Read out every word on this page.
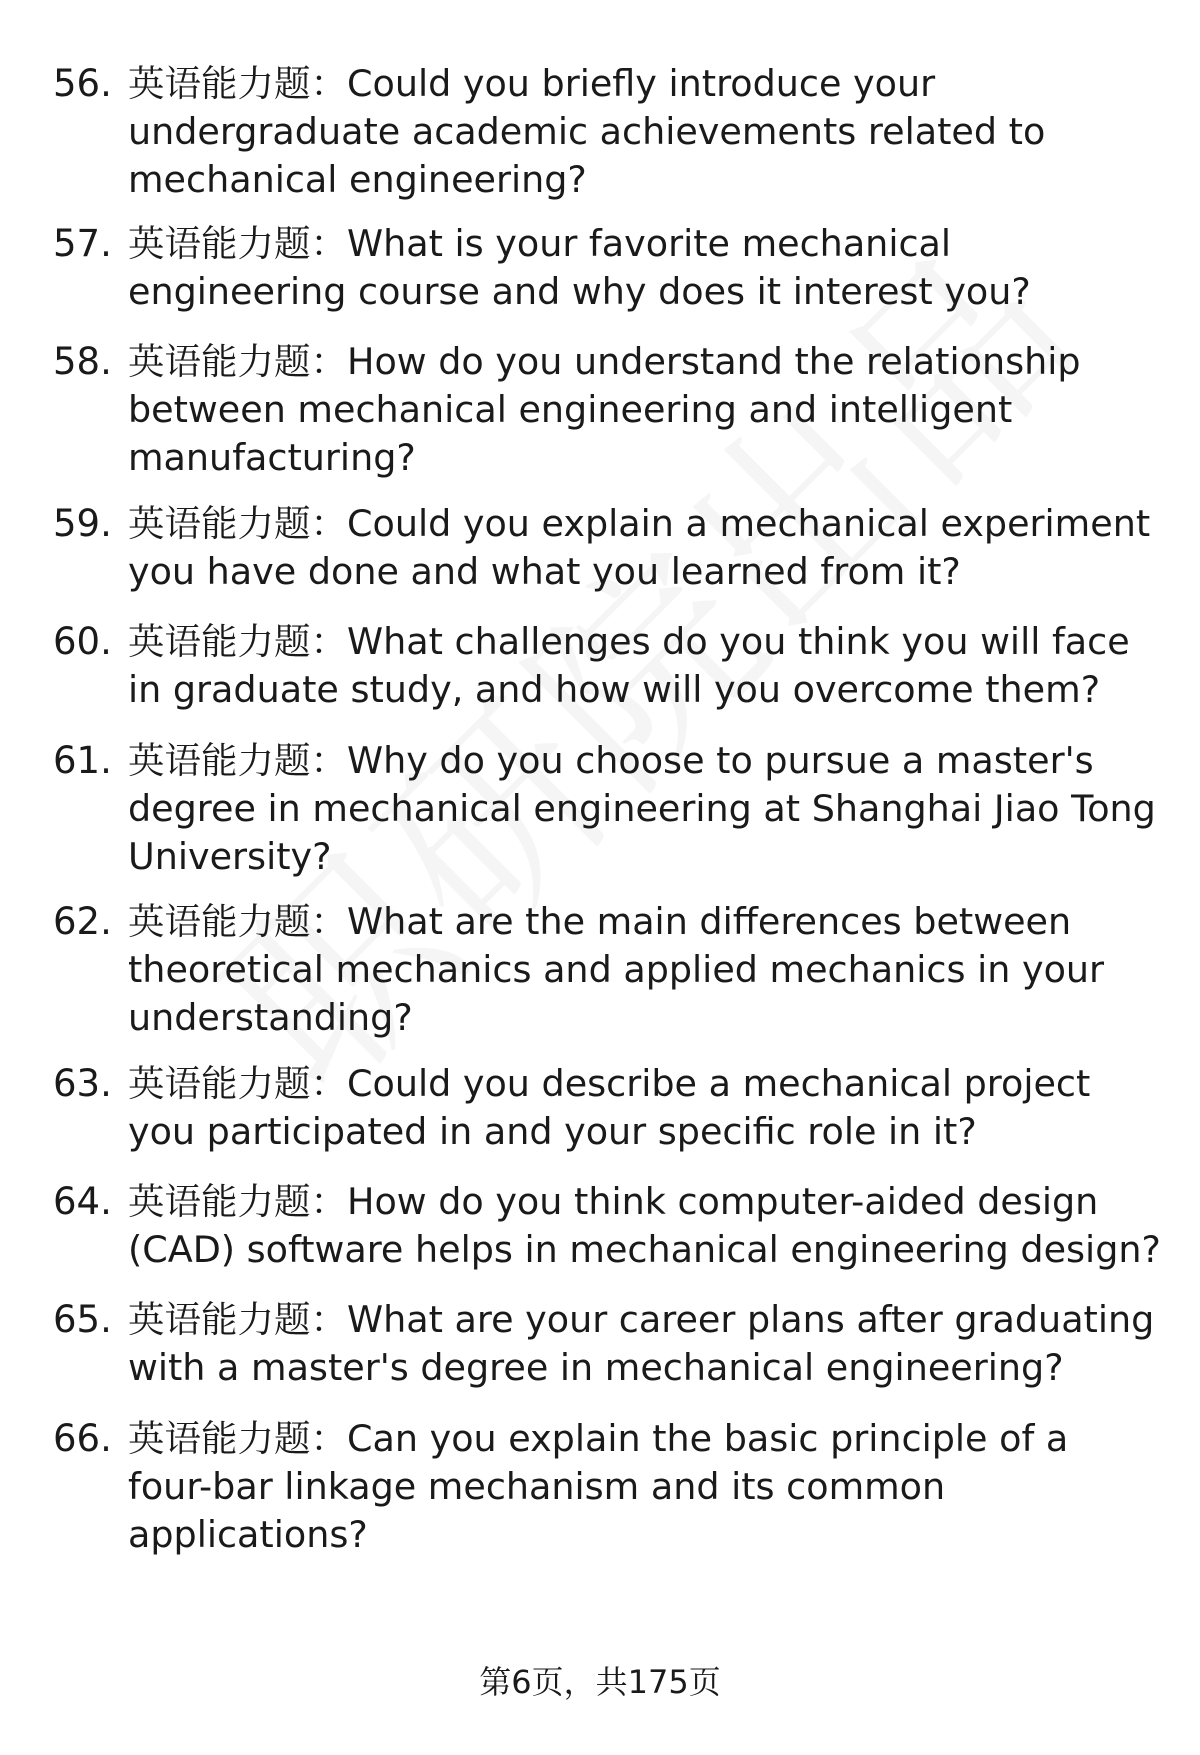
56. 英语能力题：Could you briefly introduce your undergraduate academic achievements related to mechanical engineering?
57. 英语能力题：What is your favorite mechanical engineering course and why does it interest you?
58. 英语能力题：How do you understand the relationship between mechanical engineering and intelligent manufacturing?
59. 英语能力题：Could you explain a mechanical experiment you have done and what you learned from it?
60. 英语能力题：What challenges do you think you will face in graduate study, and how will you overcome them?
61. 英语能力题：Why do you choose to pursue a master's degree in mechanical engineering at Shanghai Jiao Tong University?
62. 英语能力题：What are the main differences between theoretical mechanics and applied mechanics in your understanding?
63. 英语能力题：Could you describe a mechanical project you participated in and your specific role in it?
64. 英语能力题：How do you think computer-aided design (CAD) software helps in mechanical engineering design?
65. 英语能力题：What are your career plans after graduating with a master's degree in mechanical engineering?
66. 英语能力题：Can you explain the basic principle of a four-bar linkage mechanism and its common applications?
第6页，共175页
